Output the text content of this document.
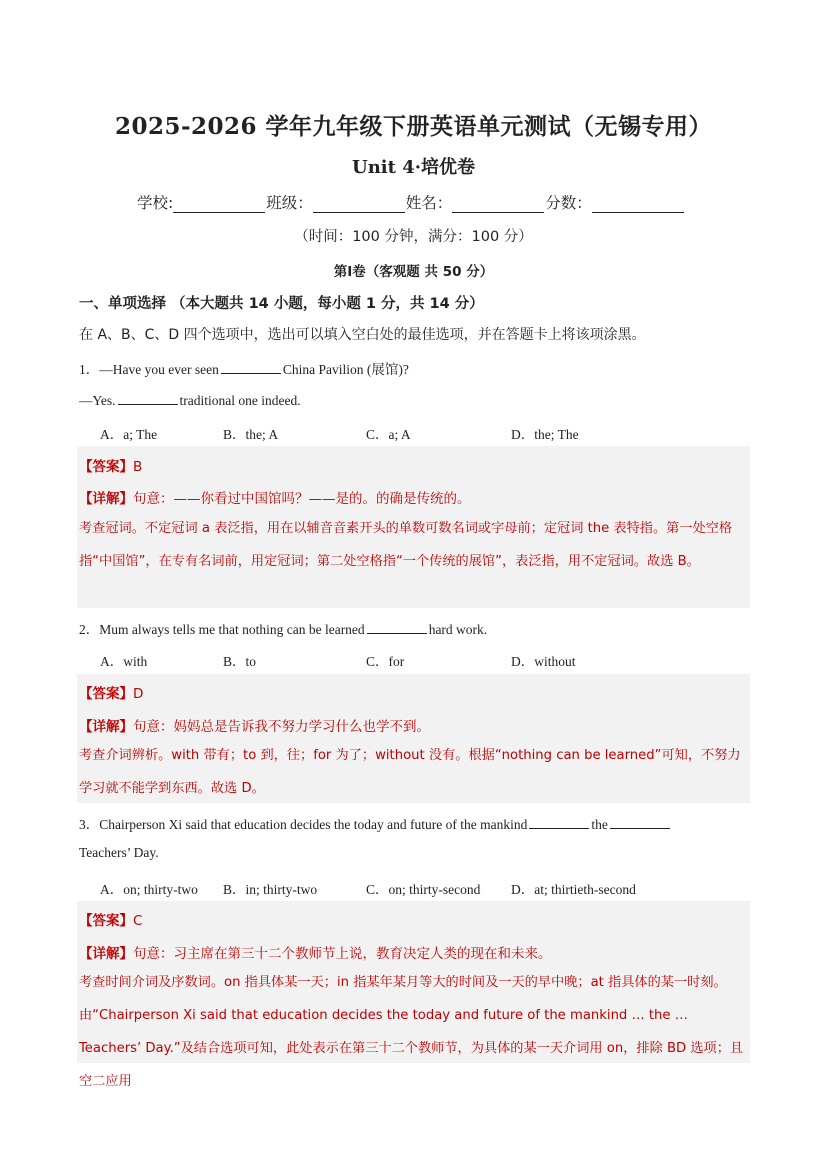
2025-2026 学年九年级下册英语单元测试（无锡专用）
Unit 4·培优卷
学校:	班级：	姓名：	分数：
（时间：100 分钟，满分：100 分）
第Ⅰ卷（客观题 共 50 分）
一、单项选择 （本大题共 14 小题，每小题 1 分，共 14 分）
在 A、B、C、D 四个选项中，选出可以填入空白处的最佳选项，并在答题卡上将该项涂黑。
1．—Have you ever seen	China Pavilion (展馆)?
—Yes.	traditional one indeed.
A．a; The	B．the; A	C．a; A	D．the; The
【答案】B
【详解】句意：——你看过中国馆吗？——是的。的确是传统的。
考查冠词。不定冠词 a 表泛指，用在以辅音音素开头的单数可数名词或字母前；定冠词 the 表特指。第一处空格指“中国馆”，在专有名词前，用定冠词；第二处空格指“一个传统的展馆”，表泛指，用不定冠词。故选 B。
2．Mum always tells me that nothing can be learned	hard work.
A．with	B．to	C．for	D．without
【答案】D
【详解】句意：妈妈总是告诉我不努力学习什么也学不到。
考查介词辨析。with 带有；to 到，往；for 为了；without 没有。根据“nothing can be learned”可知，不努力学习就不能学到东西。故选 D。
3．Chairperson Xi said that education decides the today and future of the mankind	the
Teachers’ Day.
A．on; thirty-two B．in; thirty-two	C．on; thirty-second D．at; thirtieth-second
【答案】C
【详解】句意：习主席在第三十二个教师节上说，教育决定人类的现在和未来。
考查时间介词及序数词。on 指具体某一天；in 指某年某月等大的时间及一天的早中晚；at 指具体的某一时刻。由“Chairperson Xi said that education decides the today and future of the mankind … the … Teachers’ Day.”及结合选项可知，此处表示在第三十二个教师节，为具体的某一天介词用 on，排除 BD 选项；且空二应用
